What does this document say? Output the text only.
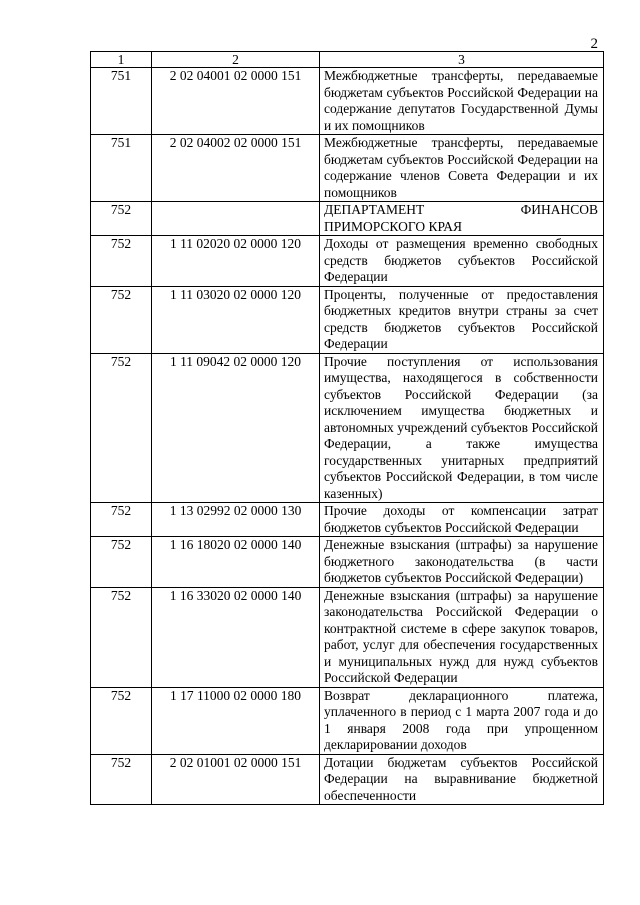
2
1	2	3
751	2 02 04001 02 0000 151	Межбюджетные трансферты, передаваемые бюджетам субъектов Российской Федерации на содержание депутатов Государственной Думы и их помощников
751	2 02 04002 02 0000 151	Межбюджетные трансферты, передаваемые бюджетам субъектов Российской Федерации на содержание членов Совета Федерации и их помощников
752		ДЕПАРТАМЕНТ ФИНАНСОВ ПРИМОРСКОГО КРАЯ
752	1 11 02020 02 0000 120	Доходы от размещения временно свободных средств бюджетов субъектов Российской Федерации
752	1 11 03020 02 0000 120	Проценты, полученные от предоставления бюджетных кредитов внутри страны за счет средств бюджетов субъектов Российской Федерации
752	1 11 09042 02 0000 120	Прочие поступления от использования имущества, находящегося в собственности субъектов Российской Федерации (за исключением имущества бюджетных и автономных учреждений субъектов Российской Федерации, а также имущества государственных унитарных предприятий субъектов Российской Федерации, в том числе казенных)
752	1 13 02992 02 0000 130	Прочие доходы от компенсации затрат бюджетов субъектов Российской Федерации
752	1 16 18020 02 0000 140	Денежные взыскания (штрафы) за нарушение бюджетного законодательства (в части бюджетов субъектов Российской Федерации)
752	1 16 33020 02 0000 140	Денежные взыскания (штрафы) за нарушение законодательства Российской Федерации о контрактной системе в сфере закупок товаров, работ, услуг для обеспечения государственных и муниципальных нужд для нужд субъектов Российской Федерации
752	1 17 11000 02 0000 180	Возврат декларационного платежа, уплаченного в период с 1 марта 2007 года и до 1 января 2008 года при упрощенном декларировании доходов
752	2 02 01001 02 0000 151	Дотации бюджетам субъектов Российской Федерации на выравнивание бюджетной обеспеченности
